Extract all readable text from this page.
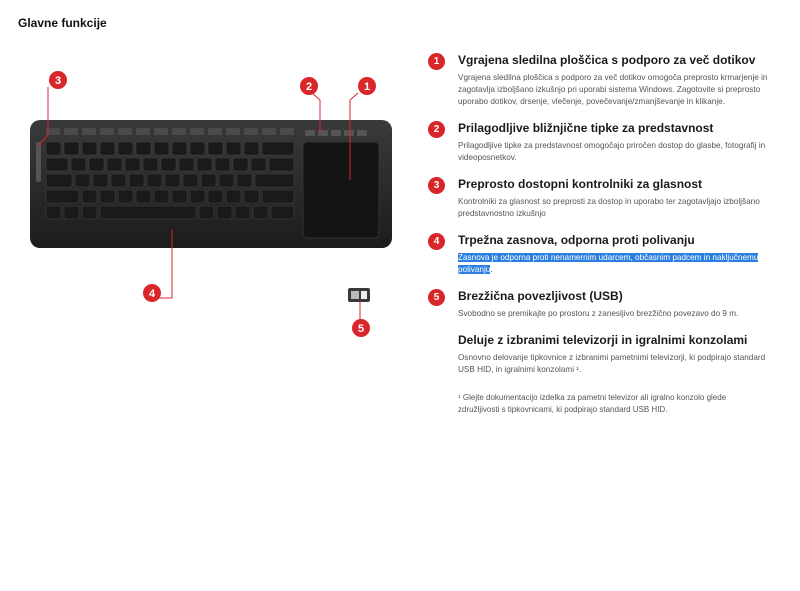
Glavne funkcije
3	2	1
4
5
1	Vgrajena sledilna ploščica s podporo za več dotikov

Vgrajena sledilna ploščica s podporo za več dotikov omogoča preprosto krmarjenje in zagotavlja izboljšano izkušnjo pri uporabi sistema Windows. Zagotovite si preprosto uporabo dotikov, drsenje, vlečenje, povečevanje/zmanjševanje in klikanje.

2	Prilagodljive bližnjične tipke za predstavnost

Prilagodljive tipke za predstavnost omogočajo priročen dostop do glasbe, fotografij in videoposnetkov.

3	Preprosto dostopni kontrolniki za glasnost

Kontrolniki za glasnost so preprosti za dostop in uporabo ter zagotavljajo izboljšano predstavnostno izkušnjo

4	Trpežna zasnova, odporna proti polivanju

Zasnova je odporna proti nenamernim udarcem, občasnim padcem in naključnemu polivanju.

5	Brezžična povezljivost (USB)

Svobodno se premikajte po prostoru z zanesljivo brezžično povezavo do 9 m.

Deluje z izbranimi televizorji in igralnimi konzolami

Osnovno delovanje tipkovnice z izbranimi pametnimi televizorji, ki podpirajo standard USB HID, in igralnimi konzolami ¹.

¹ Glejte dokumentacijo izdelka za pametni televizor ali igralno konzolo glede združljivosti s tipkovnicami, ki podpirajo standard USB HID.
